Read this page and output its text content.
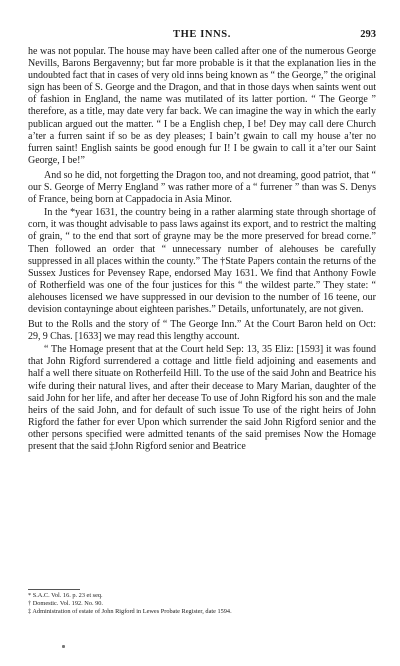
THE INNS.	293

he was not popular. The house may have been called after one of the numerous George Nevills, Barons Bergavenny; but far more probable is it that the explanation lies in the undoubted fact that in cases of very old inns being known as “ the George,” the original sign has been of S. George and the Dragon, and that in those days when saints went out of fashion in England, the name was mutilated of its latter portion. “ The George ” therefore, as a title, may date very far back. We can imagine the way in which the early publican argued out the matter. “ I be a English chep, I be! Dey may call dere Church a’ter a furren saint if so be as dey pleases; I bain’t gwain to call my house a’ter no furren saint! English saints be good enough fur I! I be gwain to call it a’ter our Saint George, I be!”

And so he did, not forgetting the Dragon too, and not dreaming, good patriot, that “ our S. George of Merry England ” was rather more of a “ furrener ” than was S. Denys of France, being born at Cappadocia in Asia Minor.

In the *year 1631, the country being in a rather alarming state through shortage of corn, it was thought advisable to pass laws against its export, and to restrict the malting of grain, “ to the end that sort of grayne may be the more preserved for bread corne.” Then followed an order that “ unnecessary number of alehouses be carefully suppressed in all places within the county.” The †State Papers contain the returns of the Sussex Justices for Pevensey Rape, endorsed May 1631. We find that Anthony Fowle of Rotherfield was one of the four justices for this “ the wildest parte.” They state: “ alehouses licensed we have suppressed in our devision to the number of 16 teene, our devision contayninge about eighteen parishes.” Details, unfortunately, are not given.

But to the Rolls and the story of “ The George Inn.” At the Court Baron held on Oct: 29, 9 Chas. [1633] we may read this lengthy account.

“ The Homage present that at the Court held Sep: 13, 35 Eliz: [1593] it was found that John Rigford surrendered a cottage and little field adjoining and easements and half a well there situate on Rotherfeild Hill. To the use of the said John and Beatrice his wife during their natural lives, and after their decease to Mary Marian, daughter of the said John for her life, and after her decease To use of John Rigford his son and the male heirs of the said John, and for default of such issue To use of the right heirs of John Rigford the father for ever Upon which surrender the said John Rigford senior and the other persons specified were admitted tenants of the said premises Now the Homage present that the said ‡John Rigford senior and Beatrice

* S.A.C. Vol. 16. p. 23 et seq.
† Domestic. Vol. 192. No. 90.
‡ Administration of estate of John Rigford in Lewes Probate Register, date 1594.
